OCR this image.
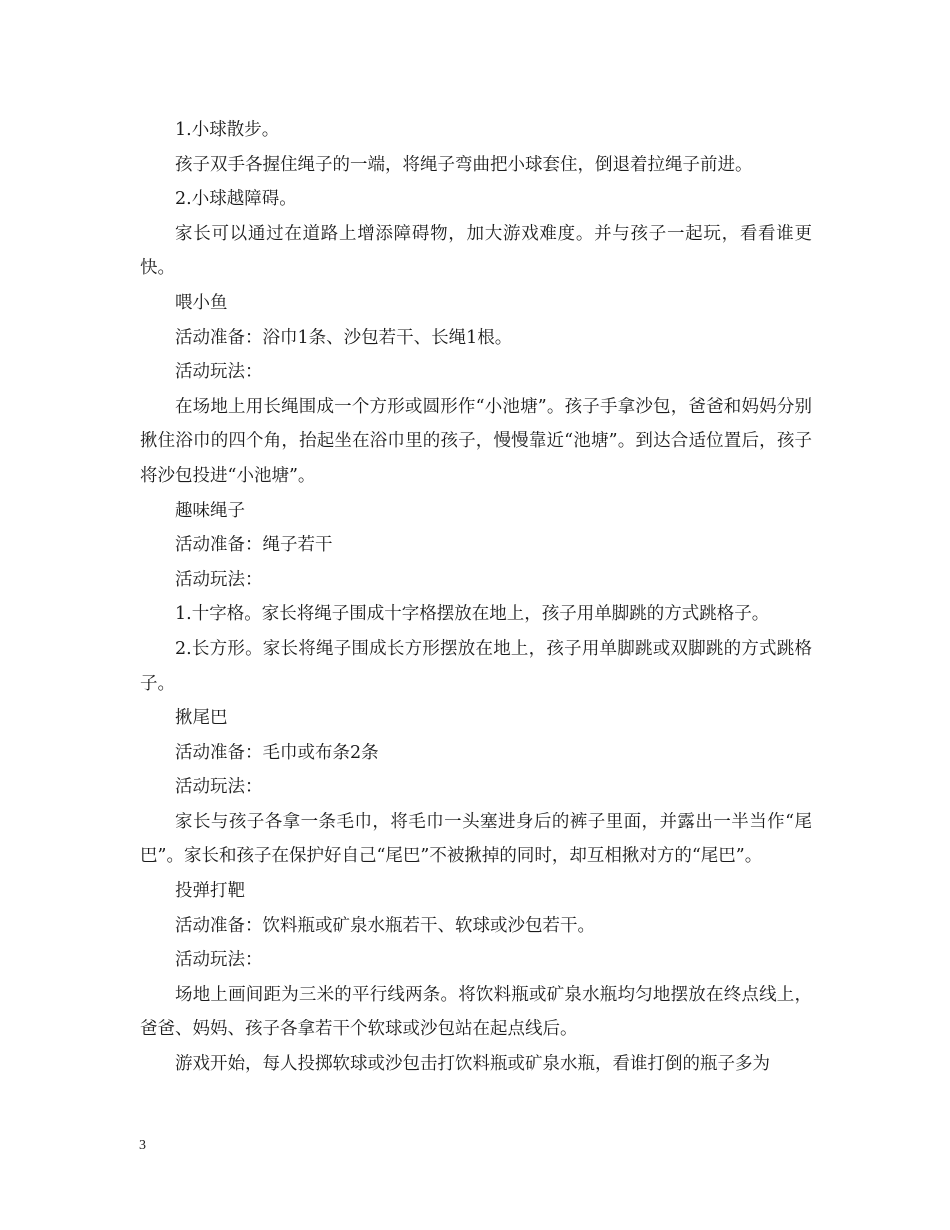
1.小球散步。

孩子双手各握住绳子的一端，将绳子弯曲把小球套住，倒退着拉绳子前进。

2.小球越障碍。

家长可以通过在道路上增添障碍物，加大游戏难度。并与孩子一起玩，看看谁更快。

喂小鱼

活动准备：浴巾1条、沙包若干、长绳1根。

活动玩法：

在场地上用长绳围成一个方形或圆形作“小池塘”。孩子手拿沙包，爸爸和妈妈分别揪住浴巾的四个角，抬起坐在浴巾里的孩子，慢慢靠近“池塘”。到达合适位置后，孩子将沙包投进“小池塘”。

趣味绳子

活动准备：绳子若干

活动玩法：

1.十字格。家长将绳子围成十字格摆放在地上，孩子用单脚跳的方式跳格子。

2.长方形。家长将绳子围成长方形摆放在地上，孩子用单脚跳或双脚跳的方式跳格子。

揪尾巴

活动准备：毛巾或布条2条

活动玩法：

家长与孩子各拿一条毛巾，将毛巾一头塞进身后的裤子里面，并露出一半当作“尾巴”。家长和孩子在保护好自己“尾巴”不被揪掉的同时，却互相揪对方的“尾巴”。

投弹打靶

活动准备：饮料瓶或矿泉水瓶若干、软球或沙包若干。

活动玩法：

场地上画间距为三米的平行线两条。将饮料瓶或矿泉水瓶均匀地摆放在终点线上，爸爸、妈妈、孩子各拿若干个软球或沙包站在起点线后。

游戏开始，每人投掷软球或沙包击打饮料瓶或矿泉水瓶，看谁打倒的瓶子多为

3
